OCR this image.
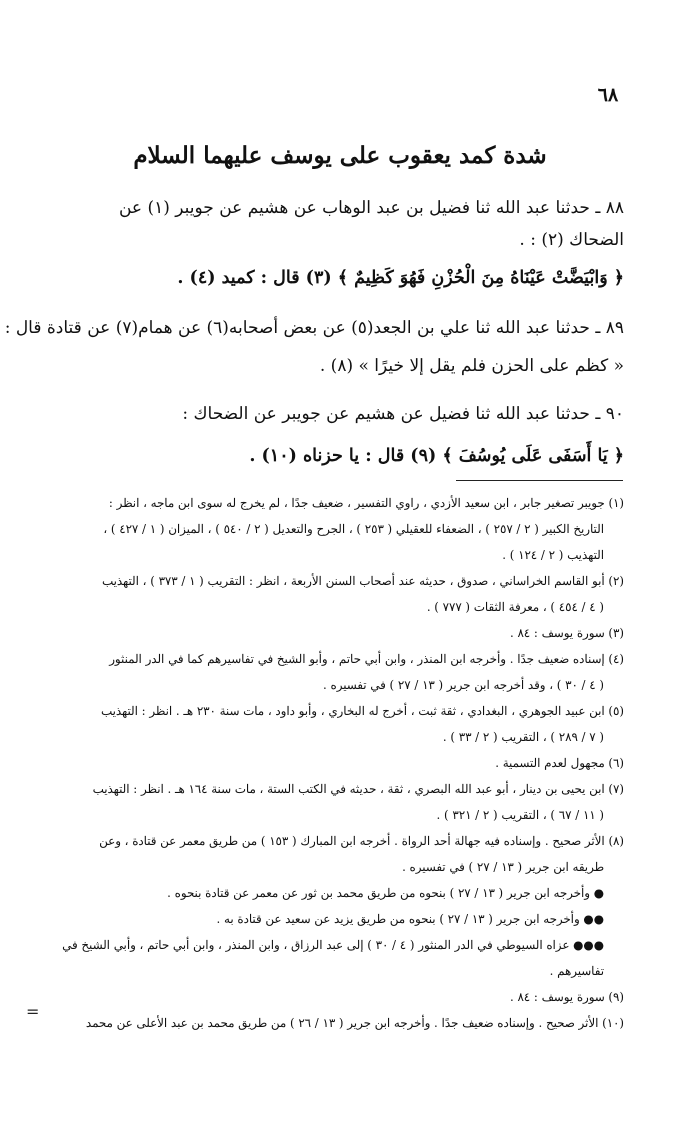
٦٨
شدة كمد يعقوب على يوسف عليهما السلام
٨٨ ـ حدثنا عبد الله ثنا فضيل بن عبد الوهاب عن هشيم عن جويبر (١) عن
الضحاك (٢) : .
﴿ وَابْيَضَّتْ عَيْنَاهُ مِنَ الْحُزْنِ فَهُوَ كَظِيمٌ ﴾ (٣) قال : كميد (٤) .
٨٩ ـ حدثنا عبد الله ثنا علي بن الجعد(٥) عن بعض أصحابه(٦) عن همام(٧) عن قتادة قال :
« كظم على الحزن فلم يقل إلا خيرًا » (٨) .
٩٠ ـ حدثنا عبد الله ثنا فضيل عن هشيم عن جويبر عن الضحاك :
﴿ يَا أَسَفَى عَلَى يُوسُفَ ﴾ (٩) قال : يا حزناه (١٠) .
(١) جويبر تصغير جابر ، ابن سعيد الأزدي ، راوي التفسير ، ضعيف جدًا ، لم يخرج له سوى ابن ماجه ، انظر :
التاريخ الكبير ( ٢ / ٢٥٧ ) ، الضعفاء للعقيلي ( ٢٥٣ ) ، الجرح والتعديل ( ٢ / ٥٤٠ ) ، الميزان ( ١ / ٤٢٧ ) ،
التهذيب ( ٢ / ١٢٤ ) .
(٢) أبو القاسم الخراساني ، صدوق ، حديثه عند أصحاب السنن الأربعة ، انظر : التقريب ( ١ / ٣٧٣ ) ، التهذيب
( ٤ / ٤٥٤ ) ، معرفة الثقات ( ٧٧٧ ) .
(٣) سورة يوسف : ٨٤ .
(٤) إسناده ضعيف جدًا . وأخرجه ابن المنذر ، وابن أبي حاتم ، وأبو الشيخ في تفاسيرهم كما في الدر المنثور
( ٤ / ٣٠ ) ، وقد أخرجه ابن جرير ( ١٣ / ٢٧ ) في تفسيره .
(٥) ابن عبيد الجوهري ، البغدادي ، ثقة ثبت ، أخرج له البخاري ، وأبو داود ، مات سنة ٢٣٠ هـ . انظر : التهذيب
( ٧ / ٢٨٩ ) ، التقريب ( ٢ / ٣٣ ) .
(٦) مجهول لعدم التسمية .
(٧) ابن يحيى بن دينار ، أبو عبد الله البصري ، ثقة ، حديثه في الكتب الستة ، مات سنة ١٦٤ هـ . انظر : التهذيب
( ١١ / ٦٧ ) ، التقريب ( ٢ / ٣٢١ ) .
(٨) الأثر صحيح . وإسناده فيه جهالة أحد الرواة . أخرجه ابن المبارك ( ١٥٣ ) من طريق معمر عن قتادة ، وعن
طريقه ابن جرير ( ١٣ / ٢٧ ) في تفسيره .
● وأخرجه ابن جرير ( ١٣ / ٢٧ ) بنحوه من طريق محمد بن ثور عن معمر عن قتادة بنحوه .
●● وأخرجه ابن جرير ( ١٣ / ٢٧ ) بنحوه من طريق يزيد عن سعيد عن قتادة به .
●●● عزاه السيوطي في الدر المنثور ( ٤ / ٣٠ ) إلى عبد الرزاق ، وابن المنذر ، وابن أبي حاتم ، وأبي الشيخ في
تفاسيرهم .
(٩) سورة يوسف : ٨٤ .
(١٠) الأثر صحيح . وإسناده ضعيف جدًا . وأخرجه ابن جرير ( ١٣ / ٢٦ ) من طريق محمد بن عبد الأعلى عن محمد
=
